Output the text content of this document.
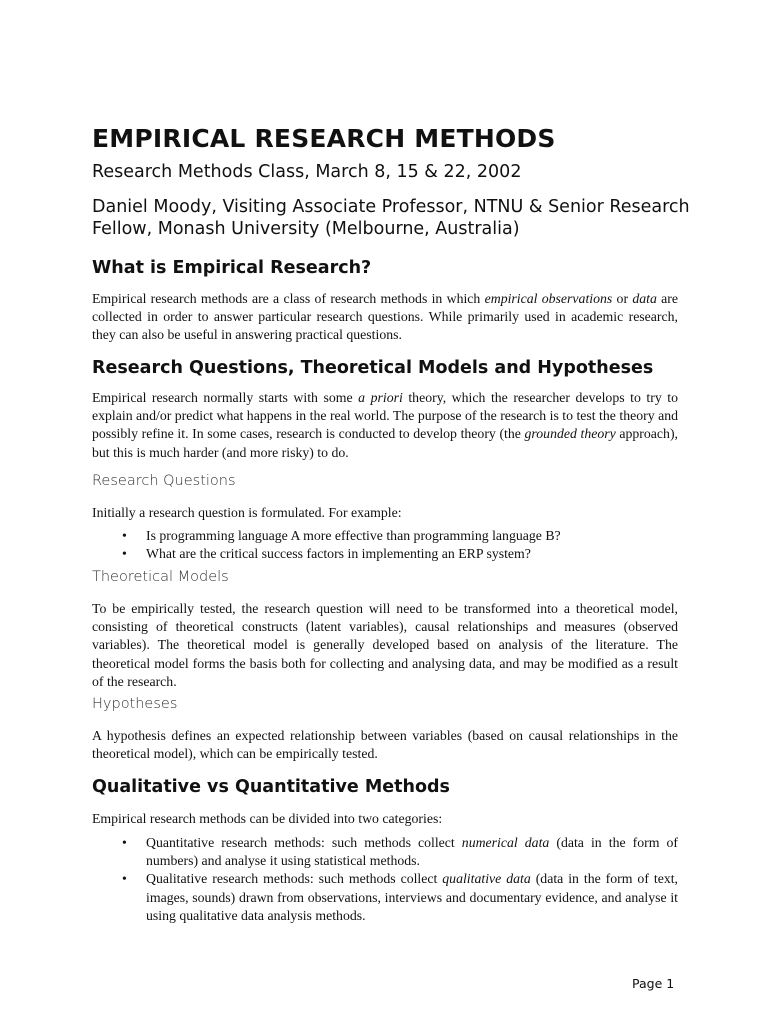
EMPIRICAL RESEARCH METHODS
Research Methods Class, March 8, 15 & 22, 2002
Daniel Moody, Visiting Associate Professor, NTNU & Senior Research Fellow, Monash University (Melbourne, Australia)
What is Empirical Research?

Empirical research methods are a class of research methods in which empirical observations or data are collected in order to answer particular research questions. While primarily used in academic research, they can also be useful in answering practical questions.

Research Questions, Theoretical Models and Hypotheses

Empirical research normally starts with some a priori theory, which the researcher develops to try to explain and/or predict what happens in the real world. The purpose of the research is to test the theory and possibly refine it. In some cases, research is conducted to develop theory (the grounded theory approach), but this is much harder (and more risky) to do.

Research Questions

Initially a research question is formulated. For example:

• Is programming language A more effective than programming language B?
• What are the critical success factors in implementing an ERP system?
Theoretical Models

To be empirically tested, the research question will need to be transformed into a theoretical model, consisting of theoretical constructs (latent variables), causal relationships and measures (observed variables). The theoretical model is generally developed based on analysis of the literature. The theoretical model forms the basis both for collecting and analysing data, and may be modified as a result of the research.

Hypotheses

A hypothesis defines an expected relationship between variables (based on causal relationships in the theoretical model), which can be empirically tested.

Qualitative vs Quantitative Methods

Empirical research methods can be divided into two categories:

• Quantitative research methods: such methods collect numerical data (data in the form of numbers) and analyse it using statistical methods.
• Qualitative research methods: such methods collect qualitative data (data in the form of text, images, sounds) drawn from observations, interviews and documentary evidence, and analyse it using qualitative data analysis methods.
Page 1
